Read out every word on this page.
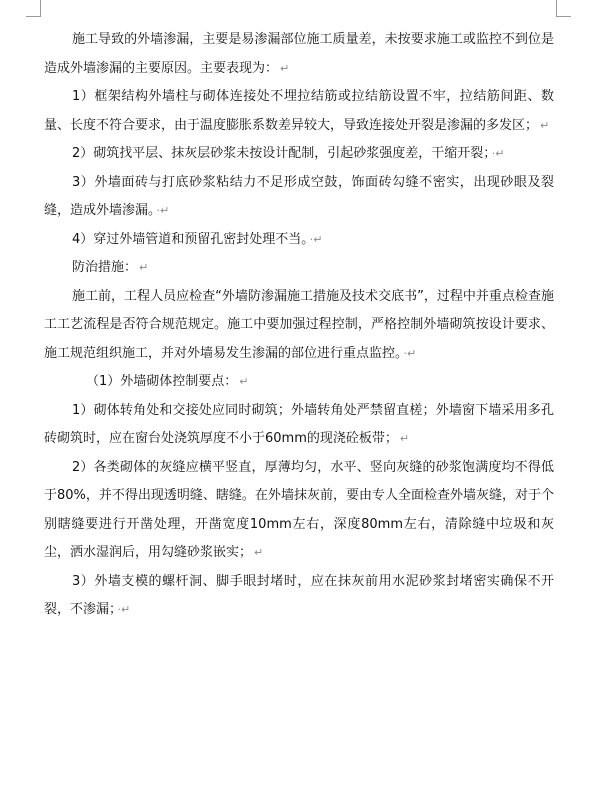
施工导致的外墙渗漏，主要是易渗漏部位施工质量差，未按要求施工或监控不到位是造成外墙渗漏的主要原因。主要表现为： ↵

1）框架结构外墙柱与砌体连接处不埋拉结筋或拉结筋设置不牢，拉结筋间距、数量、长度不符合要求，由于温度膨胀系数差异较大，导致连接处开裂是渗漏的多发区； ↵

2）砌筑找平层、抹灰层砂浆未按设计配制，引起砂浆强度差，干缩开裂； ·↵

3）外墙面砖与打底砂浆粘结力不足形成空鼓，饰面砖勾缝不密实，出现砂眼及裂缝，造成外墙渗漏。 ·↵

4）穿过外墙管道和预留孔密封处理不当。 ·↵

防治措施： ↵

施工前，工程人员应检查“外墙防渗漏施工措施及技术交底书”，过程中并重点检查施工工艺流程是否符合规范规定。施工中要加强过程控制，严格控制外墙砌筑按设计要求、施工规范组织施工，并对外墙易发生渗漏的部位进行重点监控。 ·↵

（1）外墙砌体控制要点： ↵

1）砌体转角处和交接处应同时砌筑；外墙转角处严禁留直槎；外墙窗下墙采用多孔砖砌筑时，应在窗台处浇筑厚度不小于60mm的现浇砼板带； ↵

2）各类砌体的灰缝应横平竖直，厚薄均匀，水平、竖向灰缝的砂浆饱满度均不得低于80%，并不得出现透明缝、瞎缝。在外墙抹灰前，要由专人全面检查外墙灰缝，对于个别瞎缝要进行开凿处理，开凿宽度10mm左右，深度80mm左右，清除缝中垃圾和灰尘，洒水湿润后，用勾缝砂浆嵌实； ↵

3）外墙支模的螺杆洞、脚手眼封堵时，应在抹灰前用水泥砂浆封堵密实确保不开裂，不渗漏； ·↵
